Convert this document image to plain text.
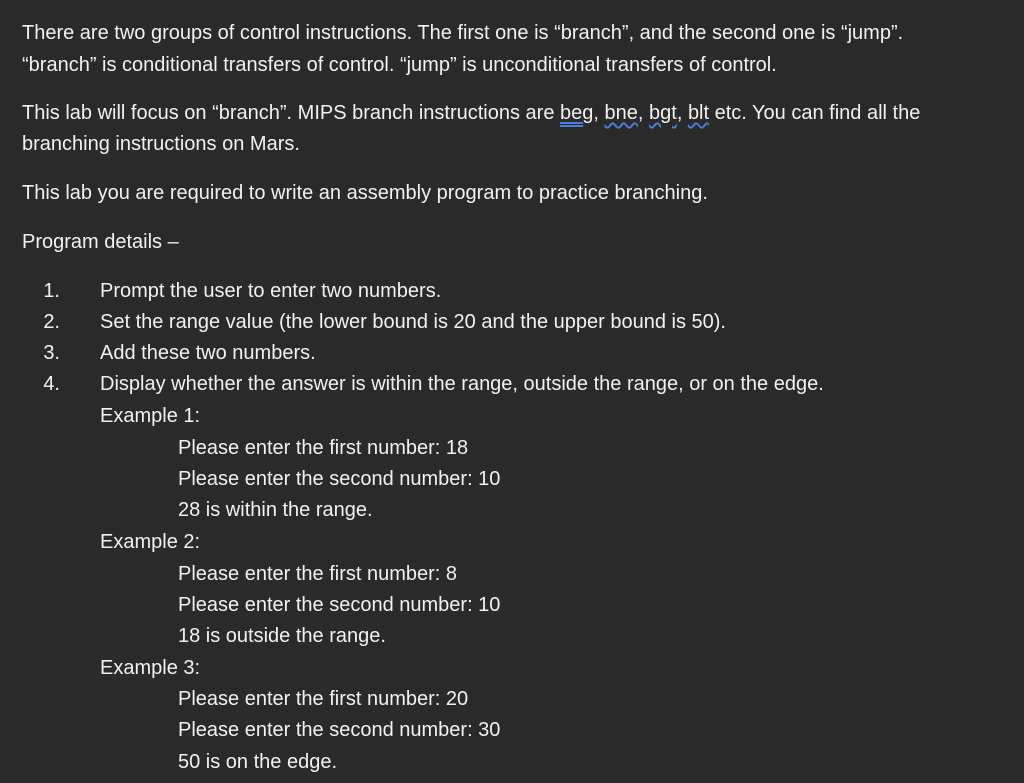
There are two groups of control instructions. The first one is “branch”, and the second one is “jump”.
“branch” is conditional transfers of control. “jump” is unconditional transfers of control.
This lab will focus on “branch”. MIPS branch instructions are beg, bne, bgt, blt etc. You can find all the
branching instructions on Mars.
This lab you are required to write an assembly program to practice branching.
Program details –
1. Prompt the user to enter two numbers.
2. Set the range value (the lower bound is 20 and the upper bound is 50).
3. Add these two numbers.
4. Display whether the answer is within the range, outside the range, or on the edge.
Example 1:
Please enter the first number: 18
Please enter the second number: 10
28 is within the range.
Example 2:
Please enter the first number: 8
Please enter the second number: 10
18 is outside the range.
Example 3:
Please enter the first number: 20
Please enter the second number: 30
50 is on the edge.
